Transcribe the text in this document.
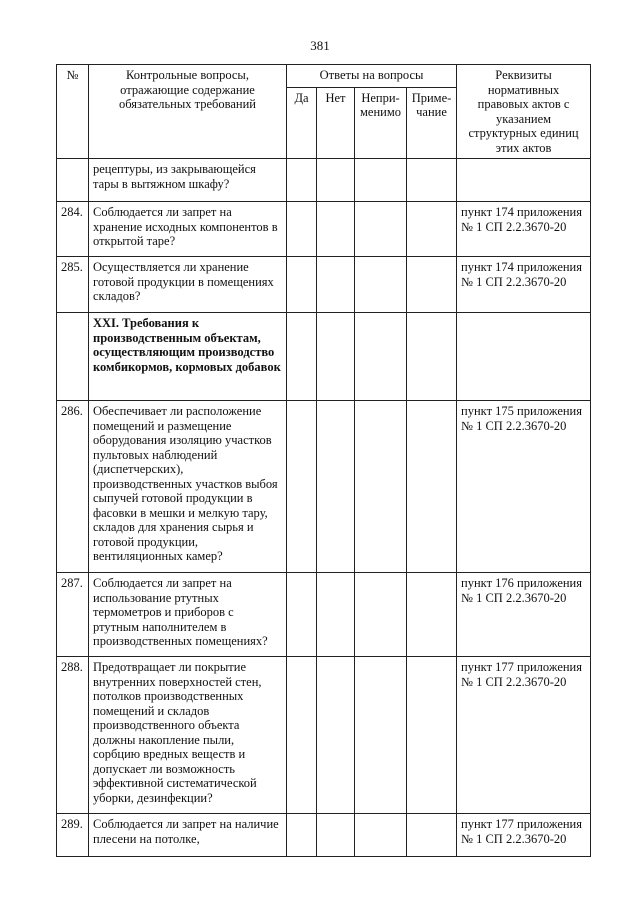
381
№	Контрольные вопросы, отражающие содержание обязательных требований	Ответы на вопросы				Реквизиты нормативных правовых актов с указанием структурных единиц этих актов
		Да	Нет	Непри-менимо	Приме-чание	
	рецептуры, из закрывающейся тары в вытяжном шкафу?					
284.	Соблюдается ли запрет на хранение исходных компонентов в открытой таре?					пункт 174 приложения № 1 СП 2.2.3670-20
285.	Осуществляется ли хранение готовой продукции в помещениях складов?					пункт 174 приложения № 1 СП 2.2.3670-20
	XXI. Требования к производственным объектам, осуществляющим производство комбикормов, кормовых добавок					
286.	Обеспечивает ли расположение помещений и размещение оборудования изоляцию участков пультовых наблюдений (диспетчерских), производственных участков выбоя сыпучей готовой продукции в фасовки в мешки и мелкую тару, складов для хранения сырья и готовой продукции, вентиляционных камер?					пункт 175 приложения № 1 СП 2.2.3670-20
287.	Соблюдается ли запрет на использование ртутных термометров и приборов с ртутным наполнителем в производственных помещениях?					пункт 176 приложения № 1 СП 2.2.3670-20
288.	Предотвращает ли покрытие внутренних поверхностей стен, потолков производственных помещений и складов производственного объекта должны накопление пыли, сорбцию вредных веществ и допускает ли возможность эффективной систематической уборки, дезинфекции?					пункт 177 приложения № 1 СП 2.2.3670-20
289.	Соблюдается ли запрет на наличие плесени на потолке,					пункт 177 приложения № 1 СП 2.2.3670-20
